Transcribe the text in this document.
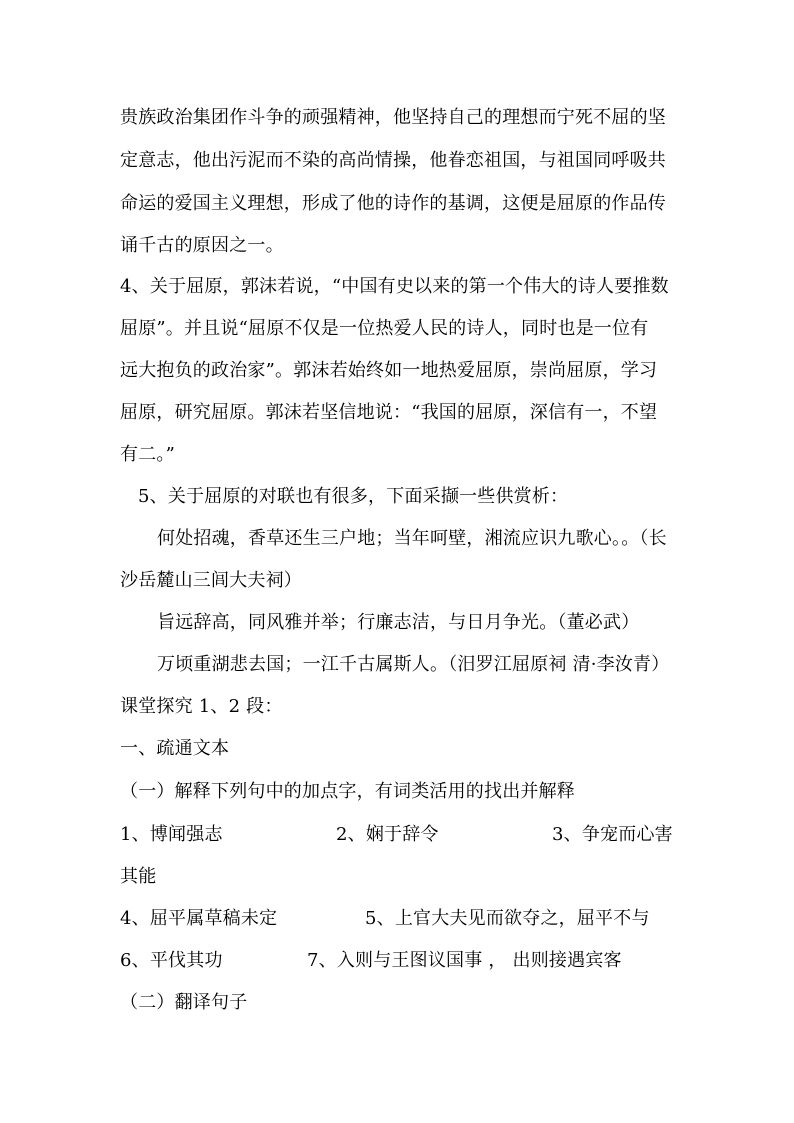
贵族政治集团作斗争的顽强精神，他坚持自己的理想而宁死不屈的坚
定意志，他出污泥而不染的高尚情操，他眷恋祖国，与祖国同呼吸共
命运的爱国主义理想，形成了他的诗作的基调，这便是屈原的作品传
诵千古的原因之一。
4、关于屈原，郭沫若说，“中国有史以来的第一个伟大的诗人要推数
屈原”。并且说“屈原不仅是一位热爱人民的诗人，同时也是一位有
远大抱负的政治家”。郭沫若始终如一地热爱屈原，崇尚屈原，学习
屈原，研究屈原。郭沫若坚信地说：“我国的屈原，深信有一，不望
有二。”
5、关于屈原的对联也有很多，下面采撷一些供赏析：
何处招魂，香草还生三户地；当年呵壁，湘流应识九歌心。。（长
沙岳麓山三闾大夫祠）
旨远辞高，同风雅并举；行廉志洁，与日月争光。（董必武）
万顷重湖悲去国；一江千古属斯人。（汨罗江屈原祠 清·李汝青）
课堂探究 1、2 段：
一、疏通文本
（一）解释下列句中的加点字，有词类活用的找出并解释
1、博闻强志	2、娴于辞令	3、争宠而心害
其能
4、屈平属草稿未定	5、上官大夫见而欲夺之，屈平不与
6、平伐其功	7、入则与王图议国事 ， 出则接遇宾客
（二）翻译句子
